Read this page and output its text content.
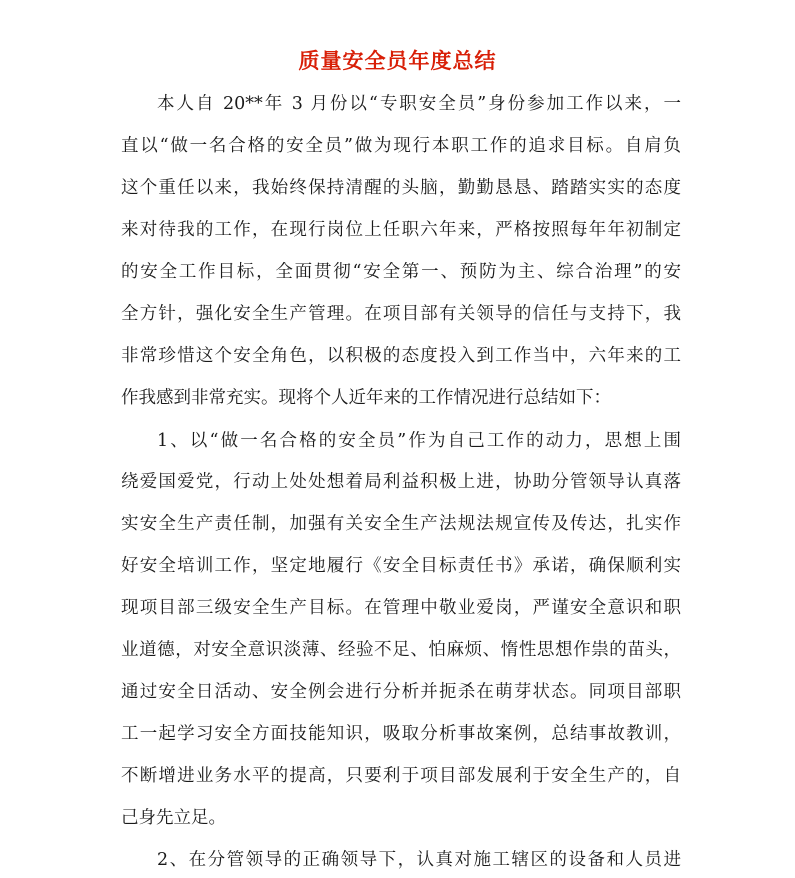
质量安全员年度总结
本人自 20**年 3 月份以“专职安全员”身份参加工作以来，一
直以“做一名合格的安全员”做为现行本职工作的追求目标。自肩负
这个重任以来，我始终保持清醒的头脑，勤勤恳恳、踏踏实实的态度
来对待我的工作，在现行岗位上任职六年来，严格按照每年年初制定
的安全工作目标，全面贯彻“安全第一、预防为主、综合治理”的安
全方针，强化安全生产管理。在项目部有关领导的信任与支持下，我
非常珍惜这个安全角色，以积极的态度投入到工作当中，六年来的工
作我感到非常充实。现将个人近年来的工作情况进行总结如下：
1、以“做一名合格的安全员”作为自己工作的动力，思想上围
绕爱国爱党，行动上处处想着局利益积极上进，协助分管领导认真落
实安全生产责任制，加强有关安全生产法规法规宣传及传达，扎实作
好安全培训工作，坚定地履行《安全目标责任书》承诺，确保顺利实
现项目部三级安全生产目标。在管理中敬业爱岗，严谨安全意识和职
业道德，对安全意识淡薄、经验不足、怕麻烦、惰性思想作祟的苗头，
通过安全日活动、安全例会进行分析并扼杀在萌芽状态。同项目部职
工一起学习安全方面技能知识，吸取分析事故案例，总结事故教训，
不断增进业务水平的提高，只要利于项目部发展利于安全生产的，自
己身先立足。
2、在分管领导的正确领导下，认真对施工辖区的设备和人员进
